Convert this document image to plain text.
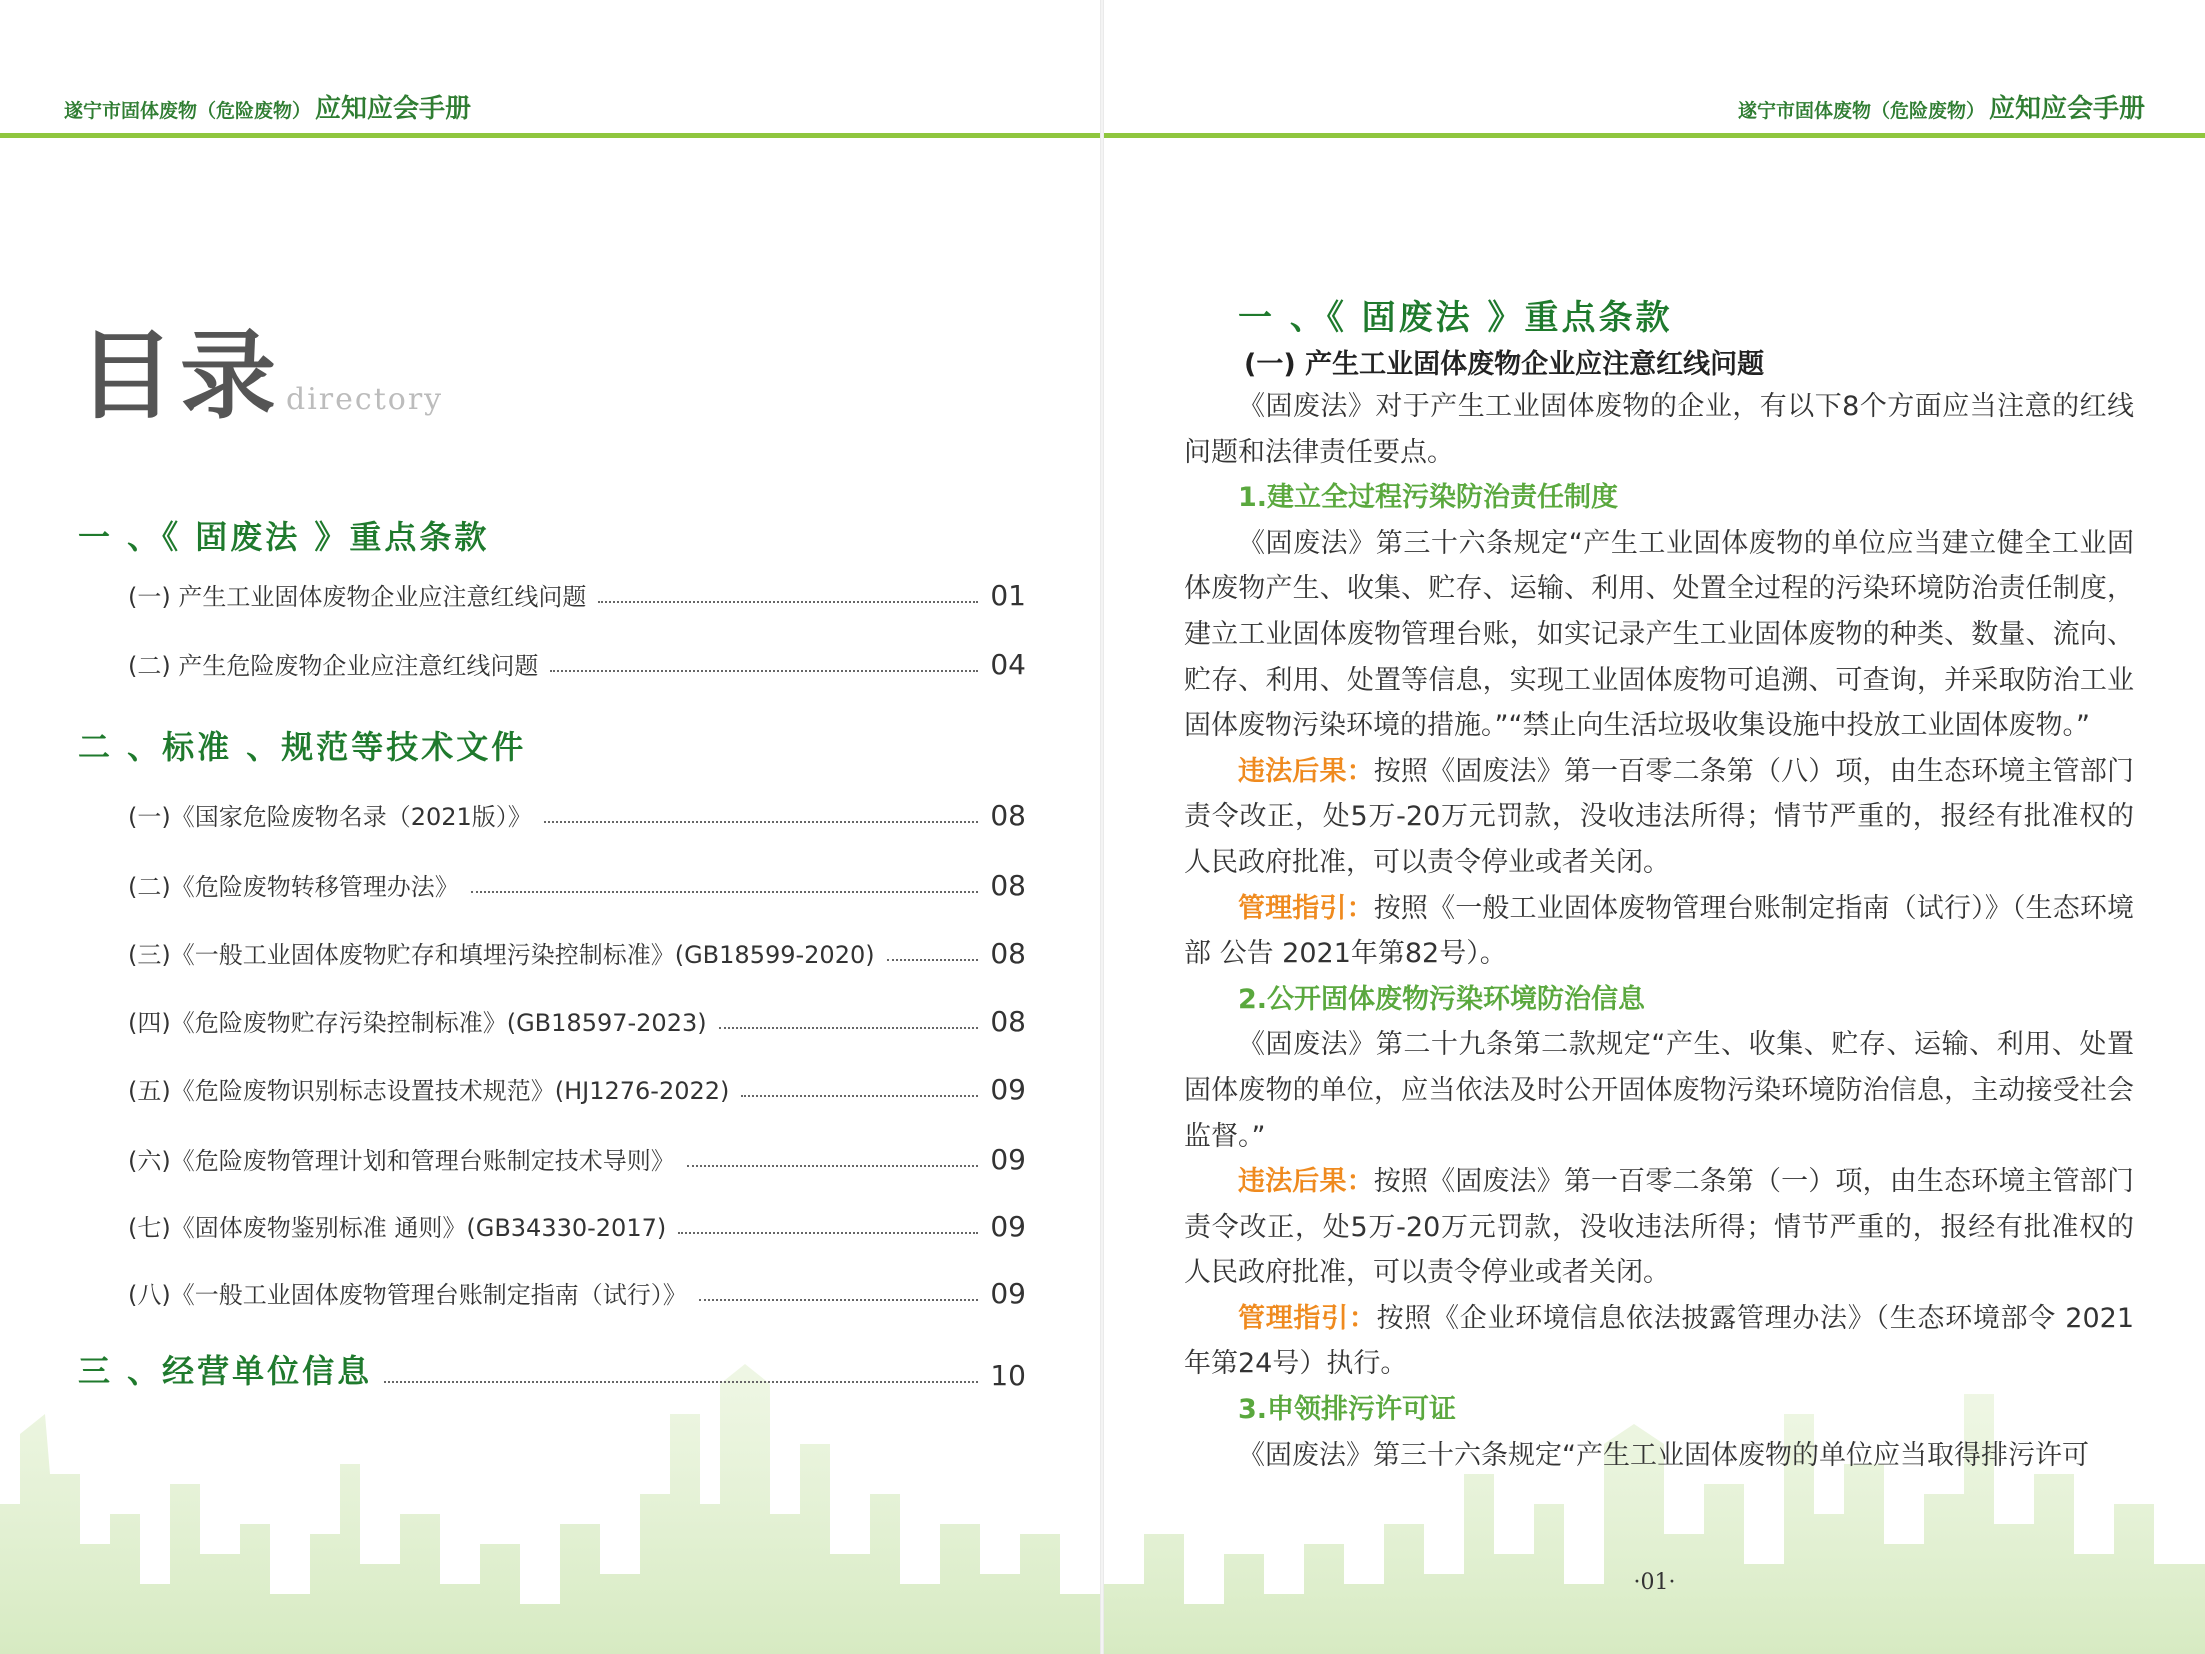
遂宁市固体废物（危险废物） 应知应会手册
目录 directory
一 、《 固废法 》重点条款
(一) 产生工业固体废物企业应注意红线问题	01
(二) 产生危险废物企业应注意红线问题	04
二 、标准 、规范等技术文件
(一)《国家危险废物名录（2021版）》	08
(二)《危险废物转移管理办法》	08
(三)《一般工业固体废物贮存和填埋污染控制标准》(GB18599-2020)	08
(四)《危险废物贮存污染控制标准》(GB18597-2023)	08
(五)《危险废物识别标志设置技术规范》(HJ1276-2022)	09
(六)《危险废物管理计划和管理台账制定技术导则》	09
(七)《固体废物鉴别标准 通则》(GB34330-2017)	09
(八)《一般工业固体废物管理台账制定指南（试行）》	09
三 、经营单位信息	10
遂宁市固体废物（危险废物） 应知应会手册
一 、《 固废法 》重点条款
(一) 产生工业固体废物企业应注意红线问题

《固废法》对于产生工业固体废物的企业，有以下8个方面应当注意的红线问题和法律责任要点。

1.建立全过程污染防治责任制度

《固废法》第三十六条规定“产生工业固体废物的单位应当建立健全工业固体废物产生、收集、贮存、运输、利用、处置全过程的污染环境防治责任制度，建立工业固体废物管理台账，如实记录产生工业固体废物的种类、数量、流向、贮存、利用、处置等信息，实现工业固体废物可追溯、可查询，并采取防治工业固体废物污染环境的措施。”“禁止向生活垃圾收集设施中投放工业固体废物。”

违法后果：按照《固废法》第一百零二条第（八）项，由生态环境主管部门责令改正，处5万-20万元罚款，没收违法所得；情节严重的，报经有批准权的人民政府批准，可以责令停业或者关闭。

管理指引：按照《一般工业固体废物管理台账制定指南（试行）》（生态环境部 公告 2021年第82号）。

2.公开固体废物污染环境防治信息

《固废法》第二十九条第二款规定“产生、收集、贮存、运输、利用、处置固体废物的单位，应当依法及时公开固体废物污染环境防治信息，主动接受社会监督。”

违法后果：按照《固废法》第一百零二条第（一）项，由生态环境主管部门责令改正，处5万-20万元罚款，没收违法所得；情节严重的，报经有批准权的人民政府批准，可以责令停业或者关闭。

管理指引：按照《企业环境信息依法披露管理办法》（生态环境部令 2021年第24号）执行。

3.申领排污许可证

《固废法》第三十六条规定“产生工业固体废物的单位应当取得排污许可

·01·
